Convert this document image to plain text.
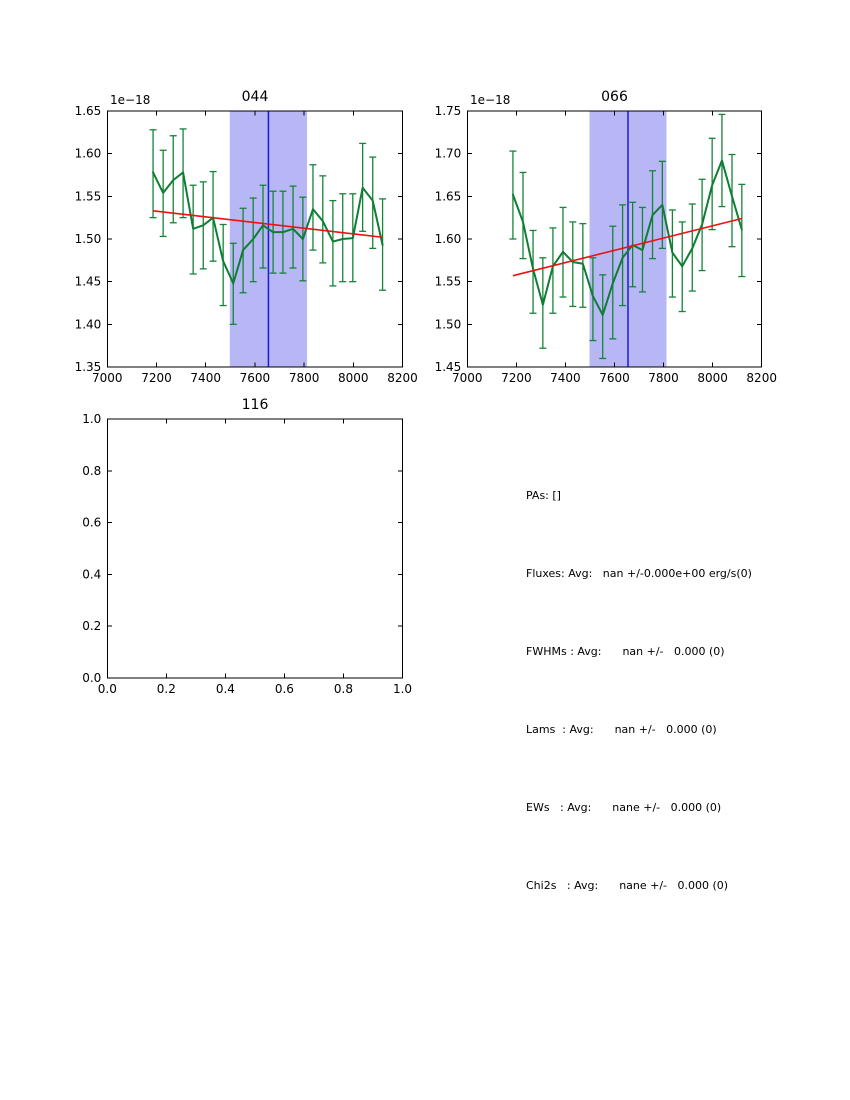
7000 7200 7400 7600 7800 8000 8200
1.35
1.40
1.45
1.50
1.55
1.60
1.65
7000 7200 7400 7600 7800 8000 8200
1.45
1.50
1.55
1.60
1.65
1.70
1.75
0.0	0.2	0.4	0.6	0.8	1.0
0.0
0.2
0.4
0.6
0.8
1.0
044	066
116
1e−18	1e−18

PAs: []

Fluxes: Avg:   nan +/-0.000e+00 erg/s(0)

FWHMs : Avg:      nan +/-   0.000 (0)

Lams  : Avg:      nan +/-   0.000 (0)

EWs   : Avg:      nane +/-   0.000 (0)

Chi2s   : Avg:      nane +/-   0.000 (0)
